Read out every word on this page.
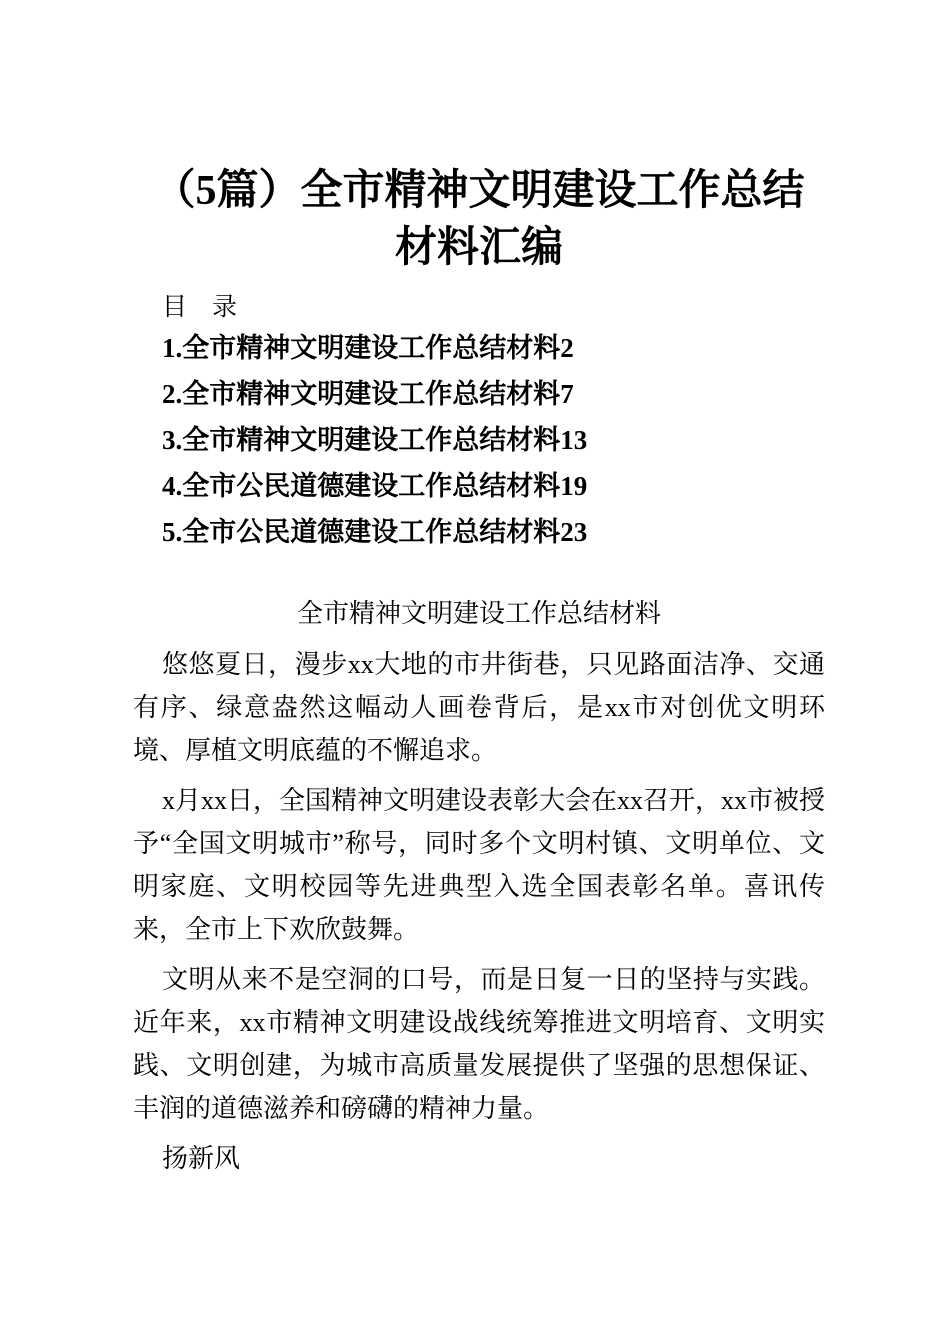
（5篇）全市精神文明建设工作总结材料汇编
目　录
1.全市精神文明建设工作总结材料2
2.全市精神文明建设工作总结材料7
3.全市精神文明建设工作总结材料13
4.全市公民道德建设工作总结材料19
5.全市公民道德建设工作总结材料23
全市精神文明建设工作总结材料

悠悠夏日，漫步xx大地的市井街巷，只见路面洁净、交通有序、绿意盎然这幅动人画卷背后，是xx市对创优文明环境、厚植文明底蕴的不懈追求。

x月xx日，全国精神文明建设表彰大会在xx召开，xx市被授予“全国文明城市”称号，同时多个文明村镇、文明单位、文明家庭、文明校园等先进典型入选全国表彰名单。喜讯传来，全市上下欢欣鼓舞。

文明从来不是空洞的口号，而是日复一日的坚持与实践。近年来，xx市精神文明建设战线统筹推进文明培育、文明实践、文明创建，为城市高质量发展提供了坚强的思想保证、丰润的道德滋养和磅礴的精神力量。

扬新风
